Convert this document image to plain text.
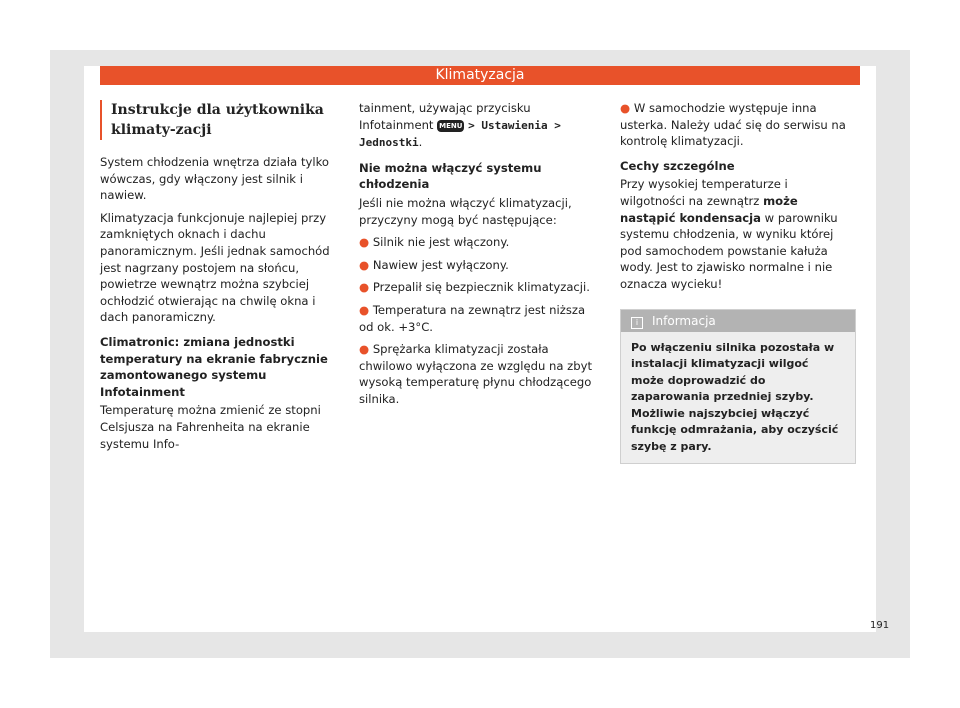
Klimatyzacja
Instrukcje dla użytkownika klimaty-zacji

System chłodzenia wnętrza działa tylko wówczas, gdy włączony jest silnik i nawiew.

Klimatyzacja funkcjonuje najlepiej przy zamkniętych oknach i dachu panoramicznym. Jeśli jednak samochód jest nagrzany postojem na słońcu, powietrze wewnątrz można szybciej ochłodzić otwierając na chwilę okna i dach panoramiczny.

Climatronic: zmiana jednostki temperatury na ekranie fabrycznie zamontowanego systemu Infotainment

Temperaturę można zmienić ze stopni Celsjusza na Fahrenheita na ekranie systemu Info-

tainment, używając przycisku Infotainment MENU > Ustawienia > Jednostki.

Nie można włączyć systemu chłodzenia

Jeśli nie można włączyć klimatyzacji, przyczyny mogą być następujące:

● Silnik nie jest włączony.
● Nawiew jest wyłączony.
● Przepalił się bezpiecznik klimatyzacji.
● Temperatura na zewnątrz jest niższa od ok. +3°C.
● Sprężarka klimatyzacji została chwilowo wyłączona ze względu na zbyt wysoką temperaturę płynu chłodzącego silnika.
● W samochodzie występuje inna usterka. Należy udać się do serwisu na kontrolę klimatyzacji.
Cechy szczególne

Przy wysokiej temperaturze i wilgotności na zewnątrz może nastąpić kondensacja w parowniku systemu chłodzenia, w wyniku której pod samochodem powstanie kałuża wody. Jest to zjawisko normalne i nie oznacza wycieku!

i Informacja
Po włączeniu silnika pozostała w instalacji klimatyzacji wilgoć może doprowadzić do zaparowania przedniej szyby. Możliwie najszybciej włączyć funkcję odmrażania, aby oczyścić szybę z pary.
191
